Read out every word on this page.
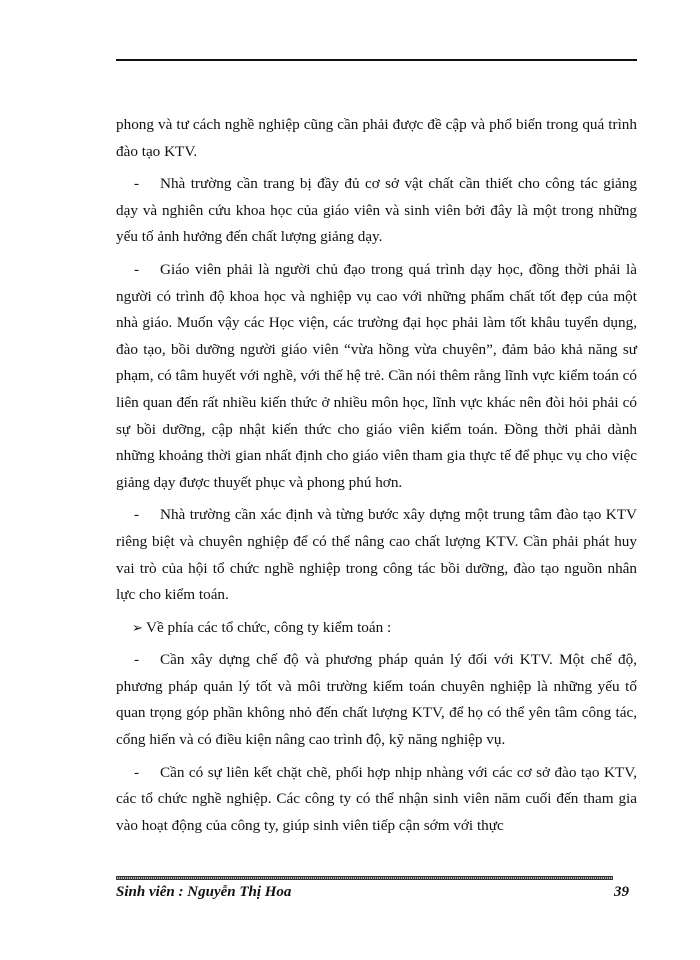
phong và tư cách nghề nghiệp cũng cần phải được đề cập và phổ biến trong quá trình đào tạo KTV.

- Nhà trường cần trang bị đầy đủ cơ sở vật chất cần thiết cho công tác giảng dạy và nghiên cứu khoa học của giáo viên và sinh viên bởi đây là một trong những yếu tố ảnh hưởng đến chất lượng giảng dạy.

- Giáo viên phải là người chủ đạo trong quá trình dạy học, đồng thời phải là người có trình độ khoa học và nghiệp vụ cao với những phẩm chất tốt đẹp của một nhà giáo. Muốn vậy các Học viện, các trường đại học phải làm tốt khâu tuyển dụng, đào tạo, bồi dưỡng người giáo viên “vừa hồng vừa chuyên”, đảm bảo khả năng sư phạm, có tâm huyết với nghề, với thế hệ trẻ. Cần nói thêm rằng lĩnh vực kiểm toán có liên quan đến rất nhiều kiến thức ở nhiều môn học, lĩnh vực khác nên đòi hỏi phải có sự bồi dưỡng, cập nhật kiến thức cho giáo viên kiểm toán. Đồng thời phải dành những khoảng thời gian nhất định cho giáo viên tham gia thực tế để phục vụ cho việc giảng dạy được thuyết phục và phong phú hơn.

- Nhà trường cần xác định và từng bước xây dựng một trung tâm đào tạo KTV riêng biệt và chuyên nghiệp để có thể nâng cao chất lượng KTV. Cần phải phát huy vai trò của hội tổ chức nghề nghiệp trong công tác bồi dưỡng, đào tạo nguồn nhân lực cho kiểm toán.

➢ Về phía các tổ chức, công ty kiểm toán :

- Cần xây dựng chế độ và phương pháp quản lý đối với KTV. Một chế độ, phương pháp quản lý tốt và môi trường kiểm toán chuyên nghiệp là những yếu tố quan trọng góp phần không nhỏ đến chất lượng KTV, để họ có thể yên tâm công tác, cống hiến và có điều kiện nâng cao trình độ, kỹ năng nghiệp vụ.

- Cần có sự liên kết chặt chẽ, phối hợp nhịp nhàng với các cơ sở đào tạo KTV, các tổ chức nghề nghiệp. Các công ty có thể nhận sinh viên năm cuối đến tham gia vào hoạt động của công ty, giúp sinh viên tiếp cận sớm với thực

Sinh viên : Nguyễn Thị Hoa	39
